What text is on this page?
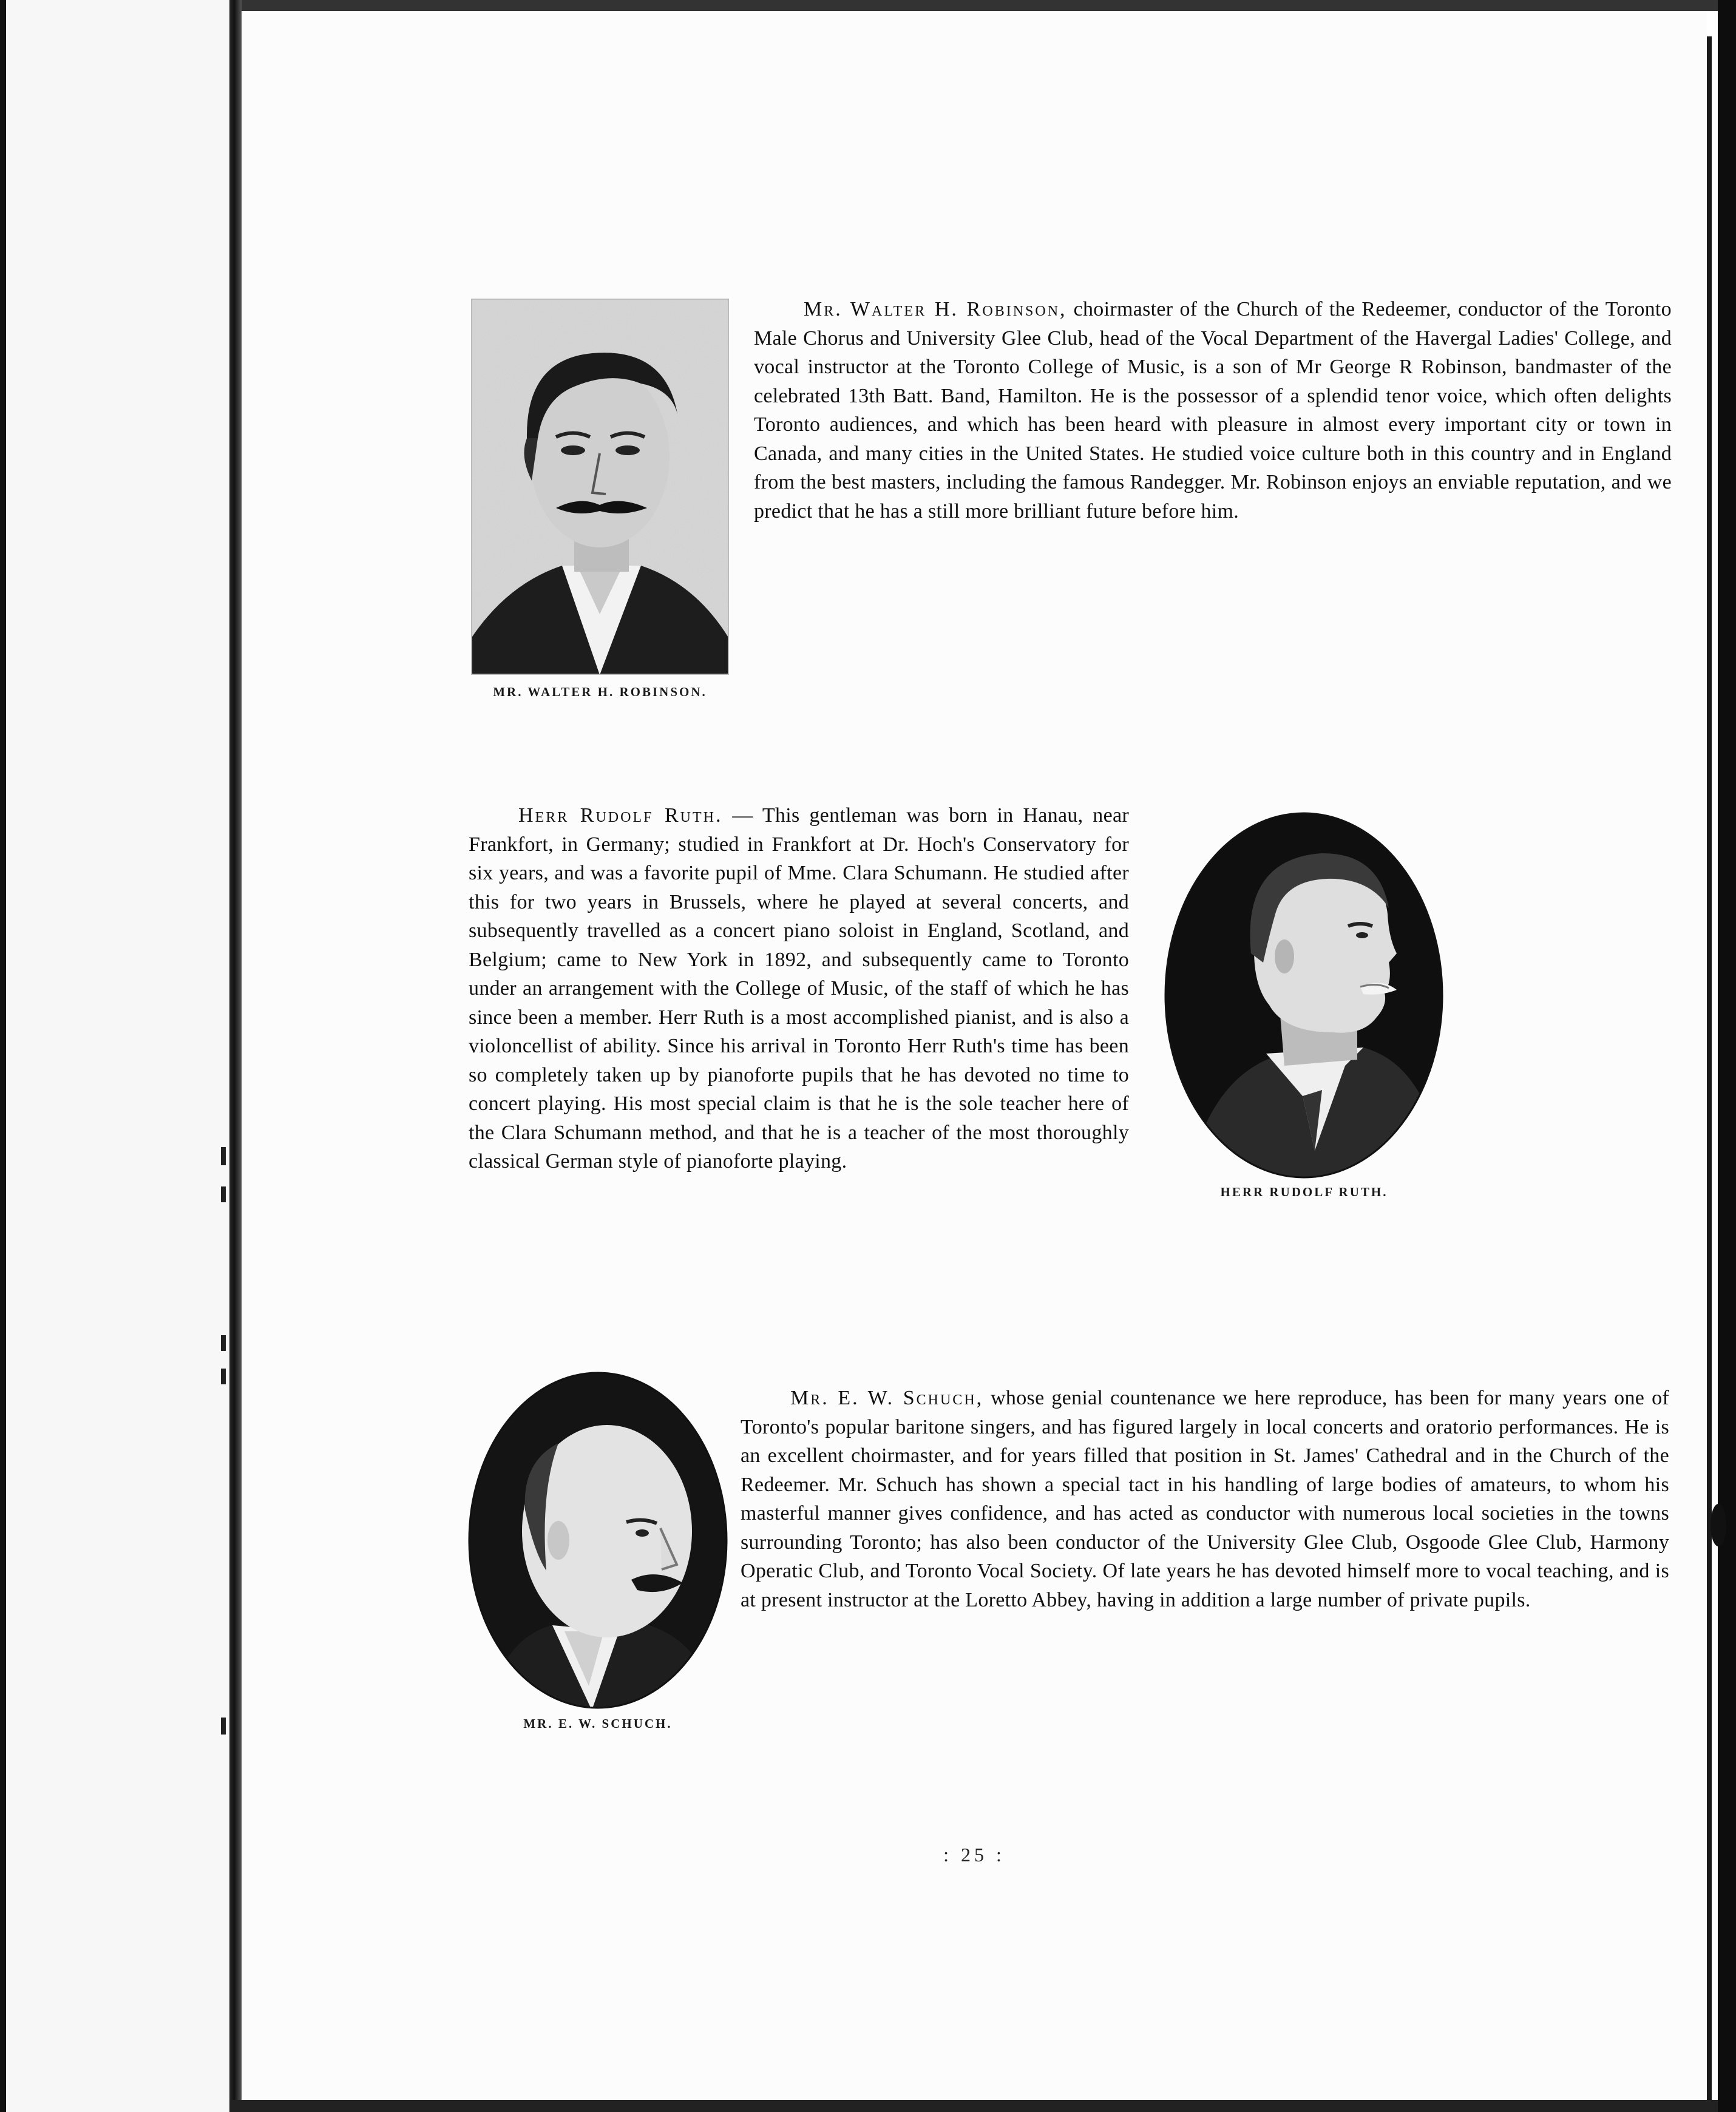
MR. WALTER H. ROBINSON.

Mr. Walter H. Robinson, choirmaster of the Church of the Redeemer, conductor of the Toronto Male Chorus and University Glee Club, head of the Vocal Department of the Havergal Ladies' College, and vocal instructor at the Toronto College of Music, is a son of Mr George R Robinson, bandmaster of the celebrated 13th Batt. Band, Hamilton. He is the possessor of a splendid tenor voice, which often delights Toronto audiences, and which has been heard with pleasure in almost every important city or town in Canada, and many cities in the United States. He studied voice culture both in this country and in England from the best masters, including the famous Randegger. Mr. Robinson enjoys an enviable reputation, and we predict that he has a still more brilliant future before him.

HERR RUDOLF RUTH.

Herr Rudolf Ruth. — This gentleman was born in Hanau, near Frankfort, in Germany; studied in Frankfort at Dr. Hoch's Conservatory for six years, and was a favorite pupil of Mme. Clara Schumann. He studied after this for two years in Brussels, where he played at several concerts, and subsequently travelled as a concert piano soloist in England, Scotland, and Belgium; came to New York in 1892, and subsequently came to Toronto under an arrangement with the College of Music, of the staff of which he has since been a member. Herr Ruth is a most accomplished pianist, and is also a violoncellist of ability. Since his arrival in Toronto Herr Ruth's time has been so completely taken up by pianoforte pupils that he has devoted no time to concert playing. His most special claim is that he is the sole teacher here of the Clara Schumann method, and that he is a teacher of the most thoroughly classical German style of pianoforte playing.

MR. E. W. SCHUCH.

Mr. E. W. Schuch, whose genial countenance we here reproduce, has been for many years one of Toronto's popular baritone singers, and has figured largely in local concerts and oratorio performances. He is an excellent choirmaster, and for years filled that position in St. James' Cathedral and in the Church of the Redeemer. Mr. Schuch has shown a special tact in his handling of large bodies of amateurs, to whom his masterful manner gives confidence, and has acted as conductor with numerous local societies in the towns surrounding Toronto; has also been conductor of the University Glee Club, Osgoode Glee Club, Harmony Operatic Club, and Toronto Vocal Society. Of late years he has devoted himself more to vocal teaching, and is at present instructor at the Loretto Abbey, having in addition a large number of private pupils.

: 25 :
